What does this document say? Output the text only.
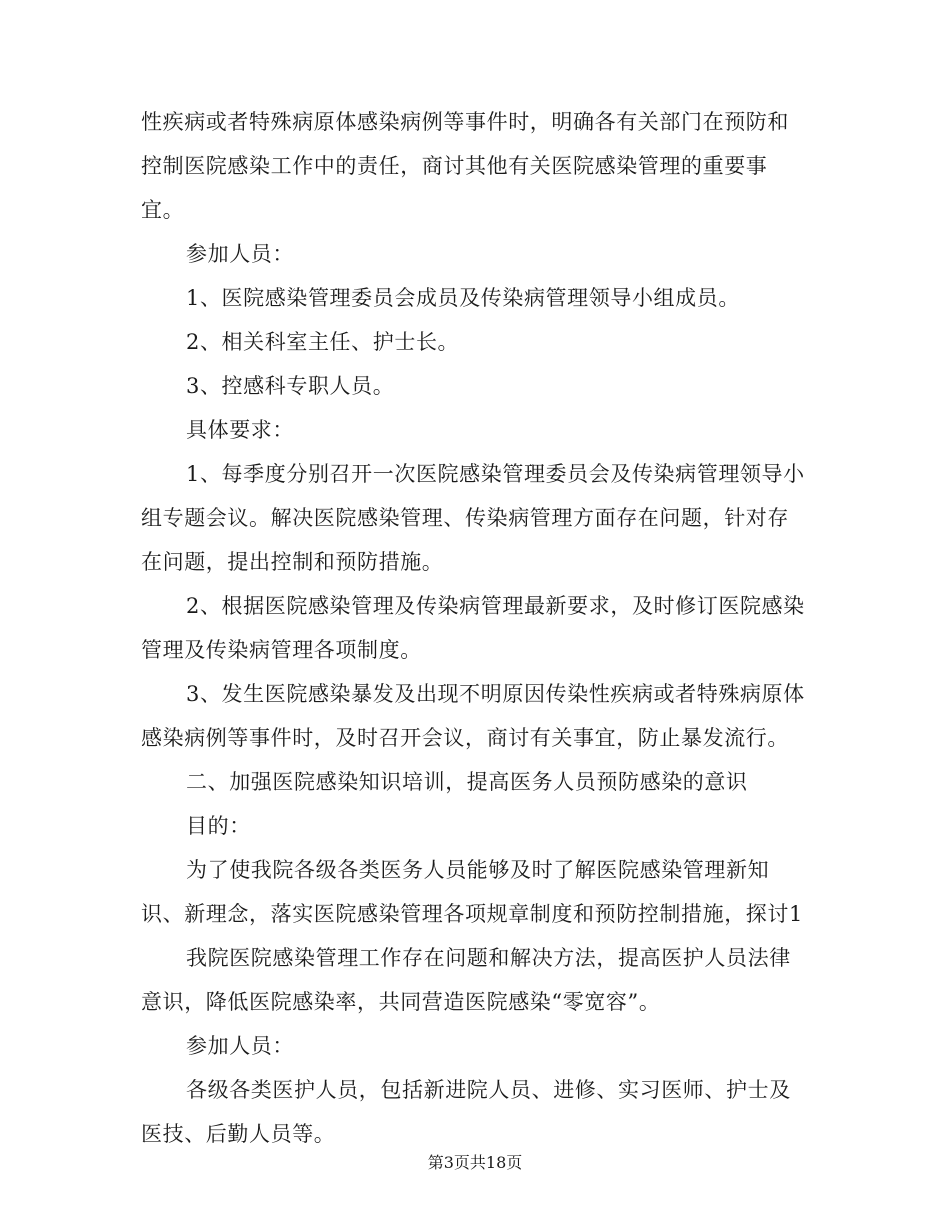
性疾病或者特殊病原体感染病例等事件时，明确各有关部门在预防和
控制医院感染工作中的责任，商讨其他有关医院感染管理的重要事
宜。
参加人员：
1、医院感染管理委员会成员及传染病管理领导小组成员。
2、相关科室主任、护士长。
3、控感科专职人员。
具体要求：
1、每季度分别召开一次医院感染管理委员会及传染病管理领导小
组专题会议。解决医院感染管理、传染病管理方面存在问题，针对存
在问题，提出控制和预防措施。
2、根据医院感染管理及传染病管理最新要求，及时修订医院感染
管理及传染病管理各项制度。
3、发生医院感染暴发及出现不明原因传染性疾病或者特殊病原体
感染病例等事件时，及时召开会议，商讨有关事宜，防止暴发流行。
二、加强医院感染知识培训，提高医务人员预防感染的意识
目的：
为了使我院各级各类医务人员能够及时了解医院感染管理新知
识、新理念，落实医院感染管理各项规章制度和预防控制措施，探讨1
我院医院感染管理工作存在问题和解决方法，提高医护人员法律
意识，降低医院感染率，共同营造医院感染“零宽容”。
参加人员：
各级各类医护人员，包括新进院人员、进修、实习医师、护士及
医技、后勤人员等。
第3页共18页
